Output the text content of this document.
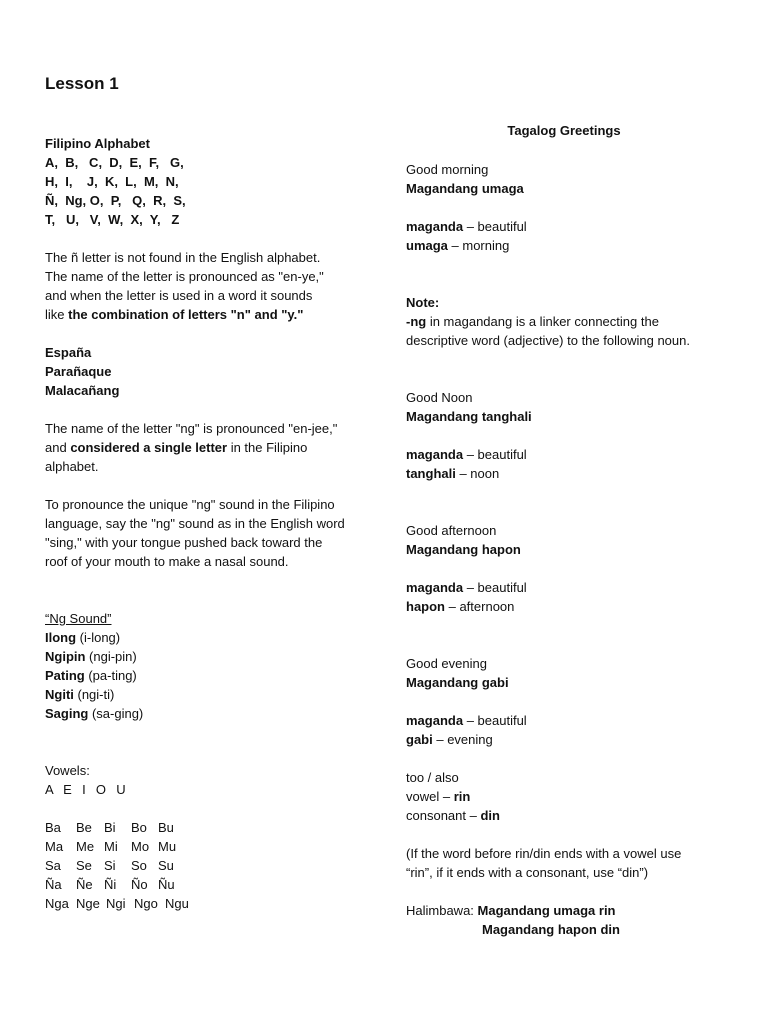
Lesson 1
Filipino Alphabet
A,  B,   C,  D,  E,  F,   G,
H,  I,    J,  K,  L,  M,  N,
Ñ,  Ng, O,  P,   Q,  R,  S,
T,   U,   V,  W,  X,  Y,   Z
The ñ letter is not found in the English alphabet.
The name of the letter is pronounced as "en-ye,"
and when the letter is used in a word it sounds
like the combination of letters "n" and "y."
España
Parañaque
Malacañang
The name of the letter "ng" is pronounced "en-jee,"
and considered a single letter in the Filipino
alphabet.
To pronounce the unique "ng" sound in the Filipino
language, say the "ng" sound as in the English word
"sing," with your tongue pushed back toward the
roof of your mouth to make a nasal sound.
“Ng Sound”
Ilong (i-long)
Ngipin (ngi-pin)
Pating (pa-ting)
Ngiti (ngi-ti)
Saging (sa-ging)
Vowels:
A  E  I  O  U
Ba	Be Bi	Bo Bu
Ma Me Mi	Mo Mu
Sa	Se Si	So Su
Ña	Ñe Ñi	Ño Ñu
Nga Nge Ngi Ngo Ngu
Tagalog Greetings
Good morning
Magandang umaga
maganda – beautiful
umaga – morning
Note:
-ng in magandang is a linker connecting the
descriptive word (adjective) to the following noun.
Good Noon
Magandang tanghali
maganda – beautiful
tanghali – noon
Good afternoon
Magandang hapon
maganda – beautiful
hapon – afternoon
Good evening
Magandang gabi
maganda – beautiful
gabi – evening
too / also
vowel – rin
consonant – din
(If the word before rin/din ends with a vowel use
“rin”, if it ends with a consonant, use “din”)
Halimbawa: Magandang umaga rin
Magandang hapon din
